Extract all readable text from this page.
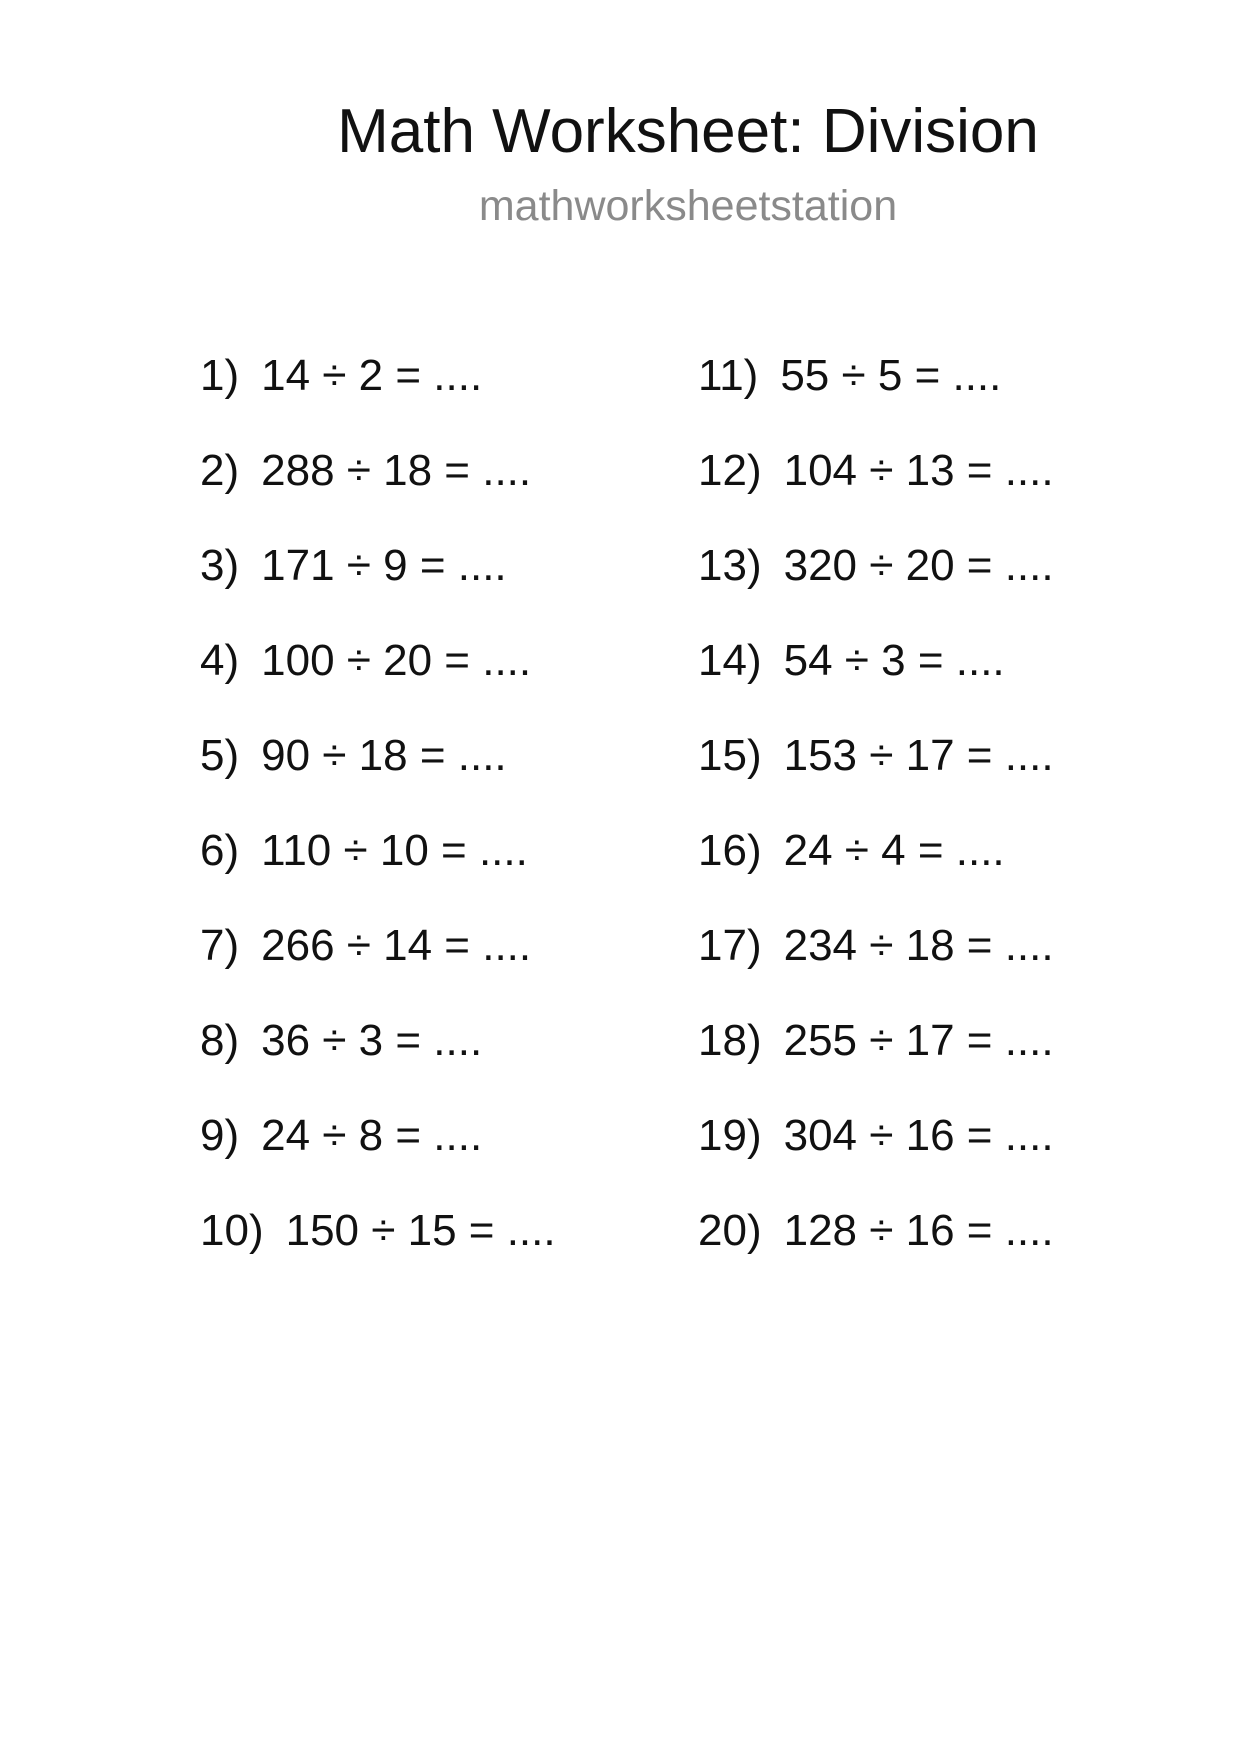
Math Worksheet: Division
mathworksheetstation
1) 14 ÷ 2 = ....
2) 288 ÷ 18 = ....
3) 171 ÷ 9 = ....
4) 100 ÷ 20 = ....
5) 90 ÷ 18 = ....
6) 110 ÷ 10 = ....
7) 266 ÷ 14 = ....
8) 36 ÷ 3 = ....
9) 24 ÷ 8 = ....
10) 150 ÷ 15 = ....
11) 55 ÷ 5 = ....
12) 104 ÷ 13 = ....
13) 320 ÷ 20 = ....
14) 54 ÷ 3 = ....
15) 153 ÷ 17 = ....
16) 24 ÷ 4 = ....
17) 234 ÷ 18 = ....
18) 255 ÷ 17 = ....
19) 304 ÷ 16 = ....
20) 128 ÷ 16 = ....
